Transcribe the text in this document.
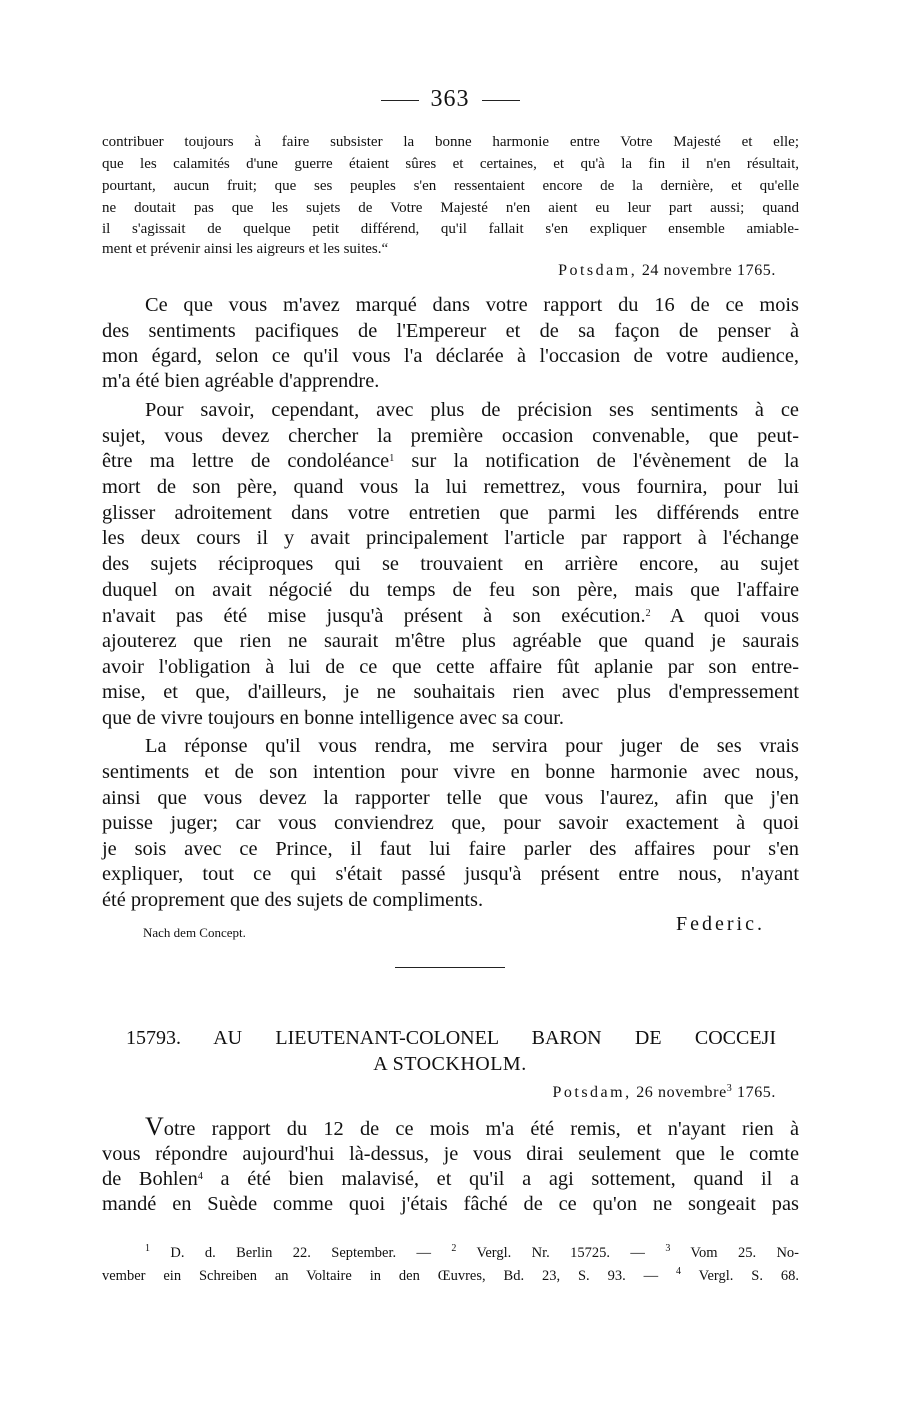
363
contribuer toujours à faire subsister la bonne harmonie entre Votre Majesté et elle;
que les calamités d'une guerre étaient sûres et certaines, et qu'à la fin il n'en résultait,
pourtant, aucun fruit; que ses peuples s'en ressentaient encore de la dernière, et qu'elle
ne doutait pas que les sujets de Votre Majesté n'en aient eu leur part aussi; quand
il s'agissait de quelque petit différend, qu'il fallait s'en expliquer ensemble amiable-
ment et prévenir ainsi les aigreurs et les suites.“
Potsdam, 24 novembre 1765.
Ce que vous m'avez marqué dans votre rapport du 16 de ce mois
des sentiments pacifiques de l'Empereur et de sa façon de penser à
mon égard, selon ce qu'il vous l'a déclarée à l'occasion de votre audience,
m'a été bien agréable d'apprendre.
Pour savoir, cependant, avec plus de précision ses sentiments à ce
sujet, vous devez chercher la première occasion convenable, que peut-
être ma lettre de condoléance$^1$ sur la notification de l'évènement de la
mort de son père, quand vous la lui remettrez, vous fournira, pour lui
glisser adroitement dans votre entretien que parmi les différends entre
les deux cours il y avait principalement l'article par rapport à l'échange
des sujets réciproques qui se trouvaient en arrière encore, au sujet
duquel on avait négocié du temps de feu son père, mais que l'affaire
n'avait pas été mise jusqu'à présent à son exécution.$^2$ A quoi vous
ajouterez que rien ne saurait m'être plus agréable que quand je saurais
avoir l'obligation à lui de ce que cette affaire fût aplanie par son entre-
mise, et que, d'ailleurs, je ne souhaitais rien avec plus d'empressement
que de vivre toujours en bonne intelligence avec sa cour.
La réponse qu'il vous rendra, me servira pour juger de ses vrais
sentiments et de son intention pour vivre en bonne harmonie avec nous,
ainsi que vous devez la rapporter telle que vous l'aurez, afin que j'en
puisse juger; car vous conviendrez que, pour savoir exactement à quoi
je sois avec ce Prince, il faut lui faire parler des affaires pour s'en
expliquer, tout ce qui s'était passé jusqu'à présent entre nous, n'ayant
été proprement que des sujets de compliments.
Nach dem Concept.	Federic.
15793. AU LIEUTENANT-COLONEL BARON DE COCCEJI
A STOCKHOLM.
Potsdam, 26 novembre$^3$ 1765.
Votre rapport du 12 de ce mois m'a été remis, et n'ayant rien à
vous répondre aujourd'hui là-dessus, je vous dirai seulement que le comte
de Bohlen$^4$ a été bien malavisé, et qu'il a agi sottement, quand il a
mandé en Suède comme quoi j'étais fâché de ce qu'on ne songeait pas
$^1$ D. d. Berlin 22. September. — $^2$ Vergl. Nr. 15725. — $^3$ Vom 25. No-
vember ein Schreiben an Voltaire in den Œuvres, Bd. 23, S. 93. — $^4$ Vergl. S. 68.
